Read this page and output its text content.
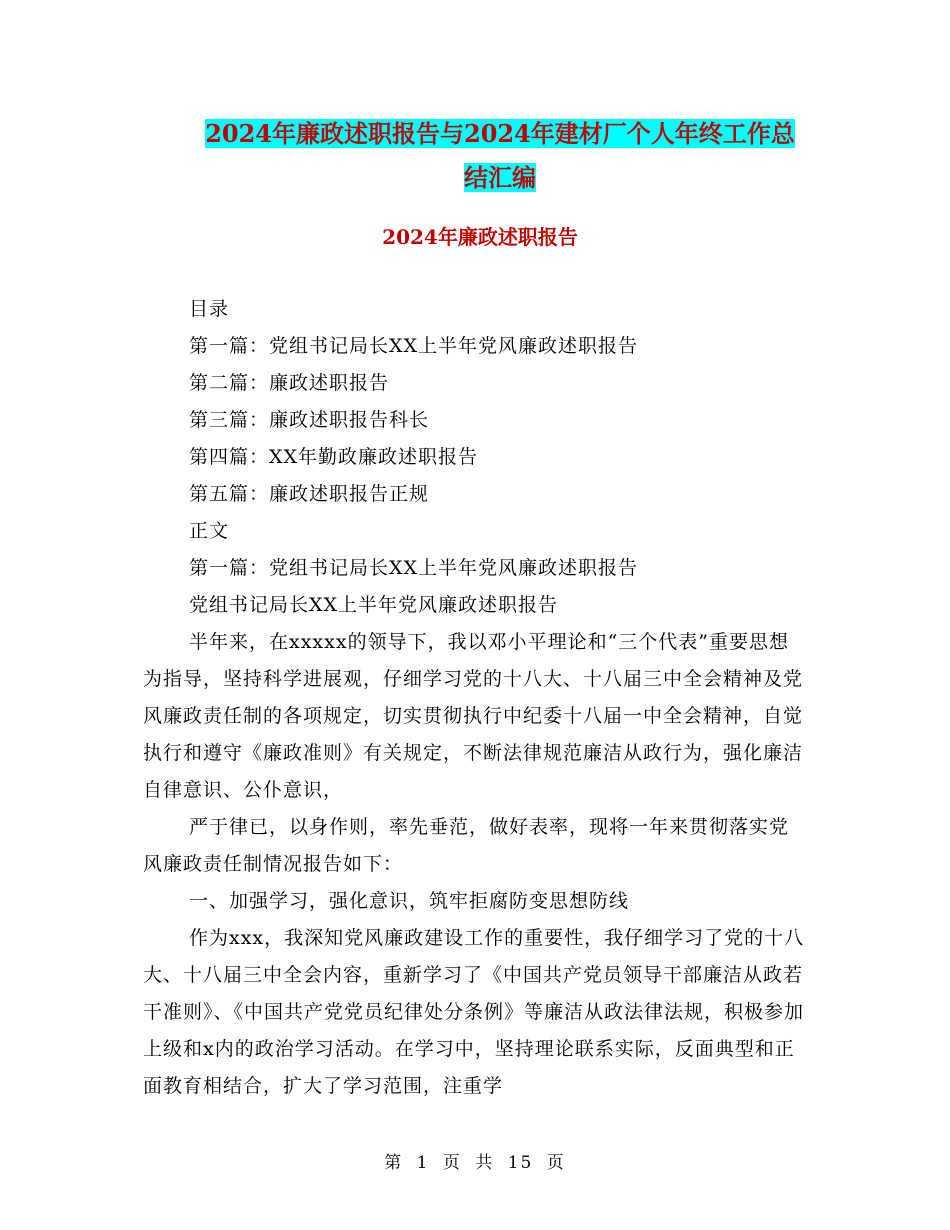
2024年廉政述职报告与2024年建材厂个人年终工作总
结汇编
2024年廉政述职报告

目录

第一篇：党组书记局长XX上半年党风廉政述职报告

第二篇：廉政述职报告

第三篇：廉政述职报告科长

第四篇：XX年勤政廉政述职报告

第五篇：廉政述职报告正规

正文

第一篇：党组书记局长XX上半年党风廉政述职报告

党组书记局长XX上半年党风廉政述职报告

半年来，在xxxxx的领导下，我以邓小平理论和“三个代表”重要思想为指导，坚持科学进展观，仔细学习党的十八大、十八届三中全会精神及党风廉政责任制的各项规定，切实贯彻执行中纪委十八届一中全会精神，自觉执行和遵守《廉政准则》有关规定，不断法律规范廉洁从政行为，强化廉洁自律意识、公仆意识，

严于律已，以身作则，率先垂范，做好表率，现将一年来贯彻落实党风廉政责任制情况报告如下：

一、加强学习，强化意识，筑牢拒腐防变思想防线

作为xxx，我深知党风廉政建设工作的重要性，我仔细学习了党的十八大、十八届三中全会内容，重新学习了《中国共产党员领导干部廉洁从政若干准则》、《中国共产党党员纪律处分条例》等廉洁从政法律法规，积极参加上级和x内的政治学习活动。在学习中，坚持理论联系实际，反面典型和正面教育相结合，扩大了学习范围，注重学

第 1 页 共 15 页
